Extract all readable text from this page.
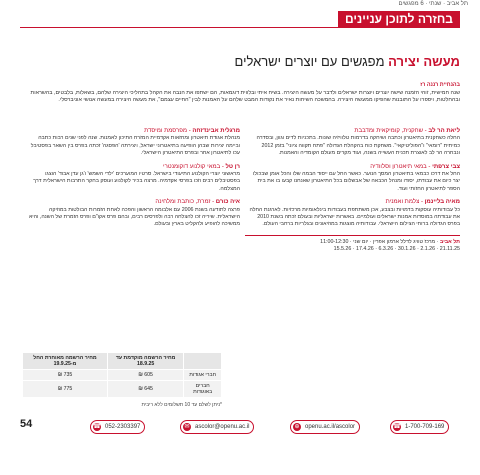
תל אביב · שנתי · 6 מפגשים
בחזרה לתוכן עניינים
מעשה יצירה מפגשים עם יוצרים ישראלים
בהנחיית רננה רז
שנה חמישית, זוהי הזמנה שישה יוצרים ויוצרות ישראלים ולדבר על מעשה היצירה. בשיח איתי ובלווית דוגמאות, הם ישתפו את הנבה את הקהל בתהליכי היצירה שלהם, בשאלות, בלבטים, בהשראות ובהחלטות, ויספרו על התובנות שהפיקו ממעשה היצירה. בהמשכה השיחות נאיר את נקודות המבט שלהם על האמנות לבין "החיים עצמם", את מעשה היצירה במעשה אנושי אוניברסלי.
ליאת הר לב - שחקנית, קומיקאית ומדבבת
החלה כשחקנית בתיאטרון וכתבה ושיחקה בדרמות טלוויזיה שונות. בתכניות לדים וגוון, ובסדרה כמיתית "רומאי" ו"הפוליטיקאי". משחקת כוח בהקהלת הגדולה "פתח תקווה ציוני" בזמן 2012 ונבחרה הר לב לאוצרת תכנית העשייה בשנה, ועוד מקרים מעולם הקומדיה והאמנות.
צבי צרפתי - במאי תיאטרון וסלוודיה
החל את דרכו כבמאי בתיאטרון המסך הנוער. כאשר החל עם ייסוד הבמה שלו והכל אומן שבכולו יצר כיום את עבודתו, יסודו ומנהל הכבאה של אבשלום בכל התיאטרון שאנחנו קבעו בו את בית הספר לתיאטרון החזותי ועוד.
מאיה בליינמן - צלמת ואמנית
כל עבודותיה עוסקות בדמויות ובצבע, אכן משתתפת בעבודות בינלאומיות מרכזיות. לארגנת החלה את עבודתה במוסדות אמנות ישראלים ועולמיים. באשרות ישראליות ובעולם זכתה בשנת 2010 בפרס הגדולה ברוחי הצילום הישראלי. עבודותיה מוצגות במוזיאונים ובגלריות ברחבי העולם.
תל אביב · מרכז טוויג לדלל ארמון אפרין · יום שני · 11:00-12:30
21.11.25 · 2.1.26 · 30.1.26 · 6.3.26 · 17.4.26 · 15.5.26
מרגלית אבינדזחה - מפרסמת ומיסדת
מנהלת אגודת תיאטרון ומחזאות אקדמיית המזרח התיכון לאמנות. שנה לפני שנים רבות כתבה וביימה יצירות שבהן הופיעה בתיאטרוני ישראל, ויצירתה 'הפסגה' זכתה בפרס בין השאר בפסטיבל עכו לתיאטרון אחר ובפרס התיאטרון הישראלי.
רן טל - במאי קולנוע דוקומנטרי
מראשוני יוצרי הקולנוע התיעודי בישראל. סרטיו המוערכים 'ילדי השמש' ו'גן עדן אבוד' הוצגו בפסטיבלים רבים וזכו בפרסי אקדמיה. מרצה בכיר לקולנוע ועוסק בחקר התרבות הישראלית דרך המצלמה.
איה כורם - זמרת, כותבת ומלחינה
פרצה לתודעה בשנת 2006 עם אלבומה הראשון והפכה לאחת הזמרות הבולטות במוזיקה הישראלית. שיריה זכו להצלחה רבה ולפרסים רבים, ובהם פרס אקו"ם ופרס הזמרת של השנה, והיא ממשיכה להופיע ולהקליט בארץ ובעולם.
	מחיר הרשמה מוקדמת עד 18.9.25	מחיר הרשמה מאוחרת החל מ-19.9.25
חברי אגודות	605 ₪	735 ₪
חברים באוגודות	645 ₪	775 ₪
*ניתן לשלם עד 10 תשלומים ללא ריבית
54	☎ 052-2303397	✉ ascolor@openu.ac.il	⊕ openu.ac.il/ascolor	☎ 1-700-709-169
